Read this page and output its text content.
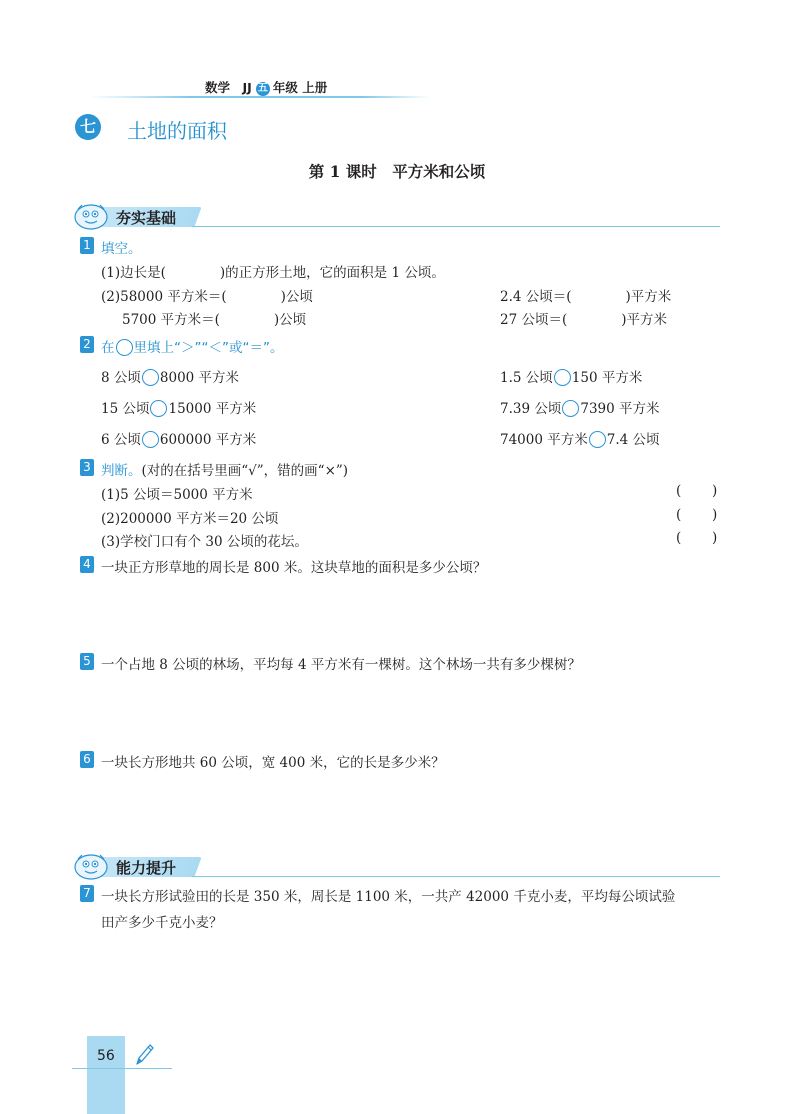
数学　 JJ 五 年级 上册
七 土地的面积
第 1 课时　平方米和公顷
夯实基础
1 填空。
(1)边长是(　　　　)的正方形土地，它的面积是 1 公顷。
(2)58000 平方米＝(　　　　)公顷	2.4 公顷＝(　　　　)平方米
5700 平方米＝(　　　　)公顷	27 公顷＝(　　　　)平方米
2 在 里填上“＞”“＜”或“＝”。
8 公顷 8000 平方米	1.5 公顷 150 平方米
15 公顷 15000 平方米	7.39 公顷 7390 平方米
6 公顷 600000 平方米	74000 平方米 7.4 公顷
3 判断。(对的在括号里画“√”，错的画“×”)
(1)5 公顷＝5000 平方米	( )
(2)200000 平方米＝20 公顷	( )
(3)学校门口有个 30 公顷的花坛。	( )
4 一块正方形草地的周长是 800 米。这块草地的面积是多少公顷？
5 一个占地 8 公顷的林场，平均每 4 平方米有一棵树。这个林场一共有多少棵树？
6 一块长方形地共 60 公顷，宽 400 米，它的长是多少米？
能力提升
7 一块长方形试验田的长是 350 米，周长是 1100 米，一共产 42000 千克小麦，平均每公顷试验
田产多少千克小麦？
56
